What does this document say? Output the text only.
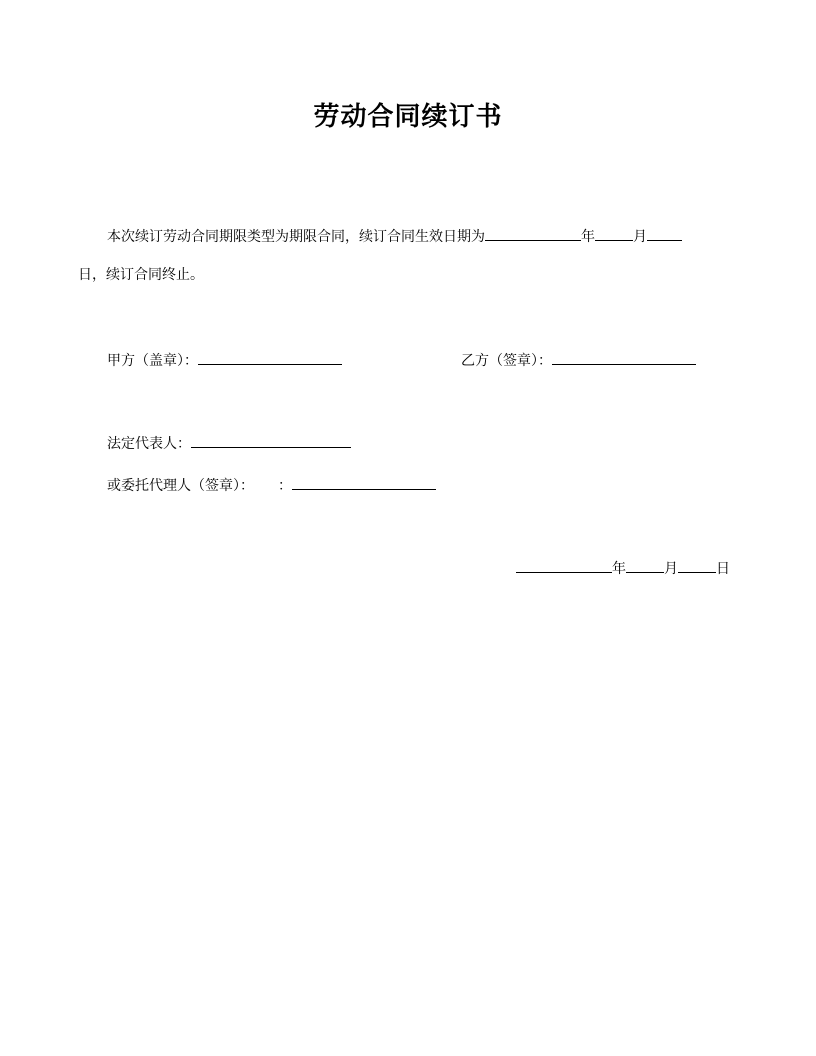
劳动合同续订书
本次续订劳动合同期限类型为期限合同，续订合同生效日期为	年	月
日，续订合同终止。
甲方（盖章）：	乙方（签章）：
法定代表人：
或委托代理人（签章）： ：
年	月	日
